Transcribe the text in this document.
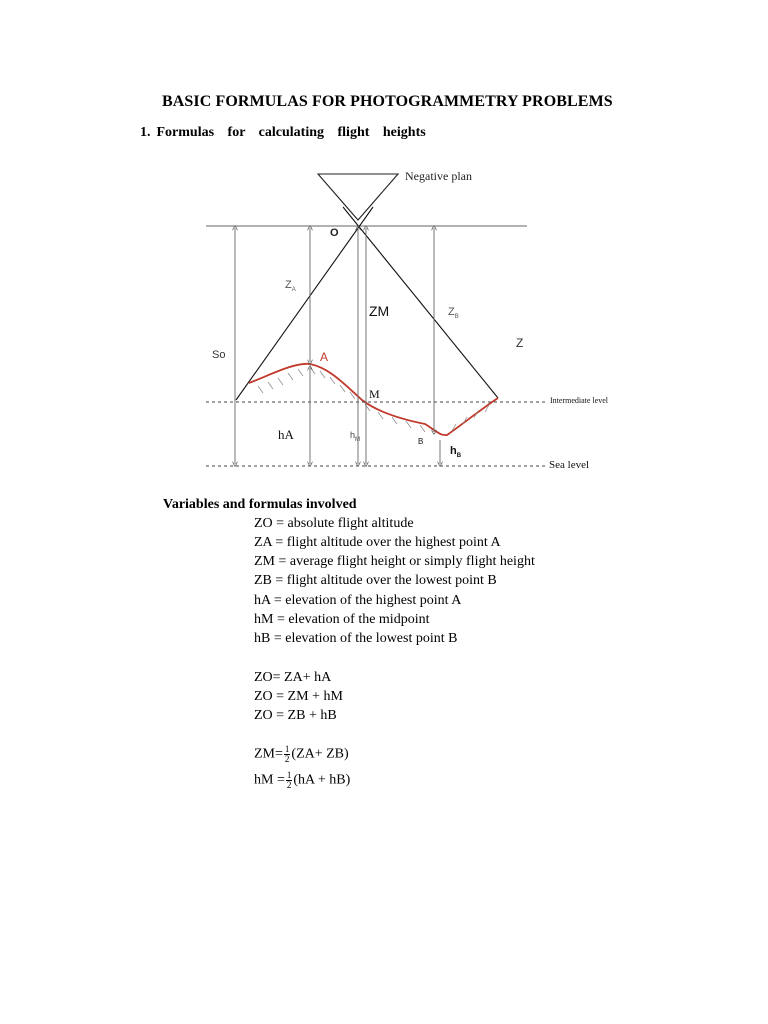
BASIC FORMULAS FOR PHOTOGRAMMETRY PROBLEMS
1. Formulas for calculating flight heights
Negative plan
O
$Z_A$
ZM	$Z_B$
Z
So	A
M
hA	$h_M$	B
$h_B$
Intermediate level
Sea level
Variables and formulas involved
ZO = absolute flight altitude
ZA = flight altitude over the highest point A
ZM = average flight height or simply flight height
ZB = flight altitude over the lowest point B
hA = elevation of the highest point A
hM = elevation of the midpoint
hB = elevation of the lowest point B
ZO= ZA+ hA
ZO = ZM + hM
ZO = ZB + hB
$ZM= \frac{1}{2} (ZA+ ZB)$
hM = $\frac{1}{2} (hA + hB)$
